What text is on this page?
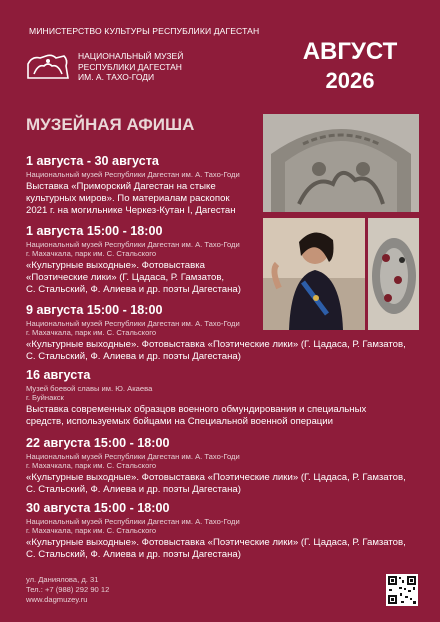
МИНИСТЕРСТВО КУЛЬТУРЫ РЕСПУБЛИКИ ДАГЕСТАН
НАЦИОНАЛЬНЫЙ МУЗЕЙ
РЕСПУБЛИКИ ДАГЕСТАН
ИМ. А. ТАХО-ГОДИ
АВГУСТ
2026
МУЗЕЙНАЯ АФИША
1 августа - 30 августа
Национальный музей Республики Дагестан им. А. Тахо-Годи
Выставка «Приморский Дагестан на стыке
культурных миров». По материалам раскопок
2021 г. на могильнике Черкез-Кутан I, Дагестан
1 августа 15:00 - 18:00
Национальный музей Республики Дагестан им. А. Тахо-Годи
г. Махачкала, парк им. С. Стальского
«Культурные выходные». Фотовыставка
«Поэтические лики» (Г. Цадаса, Р. Гамзатов,
С. Стальский, Ф. Алиева и др. поэты Дагестана)
9 августа 15:00 - 18:00
Национальный музей Республики Дагестан им. А. Тахо-Годи
г. Махачкала, парк им. С. Стальского
«Культурные выходные». Фотовыставка «Поэтические лики» (Г. Цадаса, Р. Гамзатов,
С. Стальский, Ф. Алиева и др. поэты Дагестана)
16 августа
Музей боевой славы им. Ю. Акаева
г. Буйнакск
Выставка современных образцов военного обмундирования и специальных
средств, используемых бойцами на Специальной военной операции
22 августа 15:00 - 18:00
Национальный музей Республики Дагестан им. А. Тахо-Годи
г. Махачкала, парк им. С. Стальского
«Культурные выходные». Фотовыставка «Поэтические лики» (Г. Цадаса, Р. Гамзатов,
С. Стальский, Ф. Алиева и др. поэты Дагестана)
30 августа 15:00 - 18:00
Национальный музей Республики Дагестан им. А. Тахо-Годи
г. Махачкала, парк им. С. Стальского
«Культурные выходные». Фотовыставка «Поэтические лики» (Г. Цадаса, Р. Гамзатов,
С. Стальский, Ф. Алиева и др. поэты Дагестана)
ул. Даниялова, д. 31
Тел.: +7 (988) 292 90 12
www.dagmuzey.ru
